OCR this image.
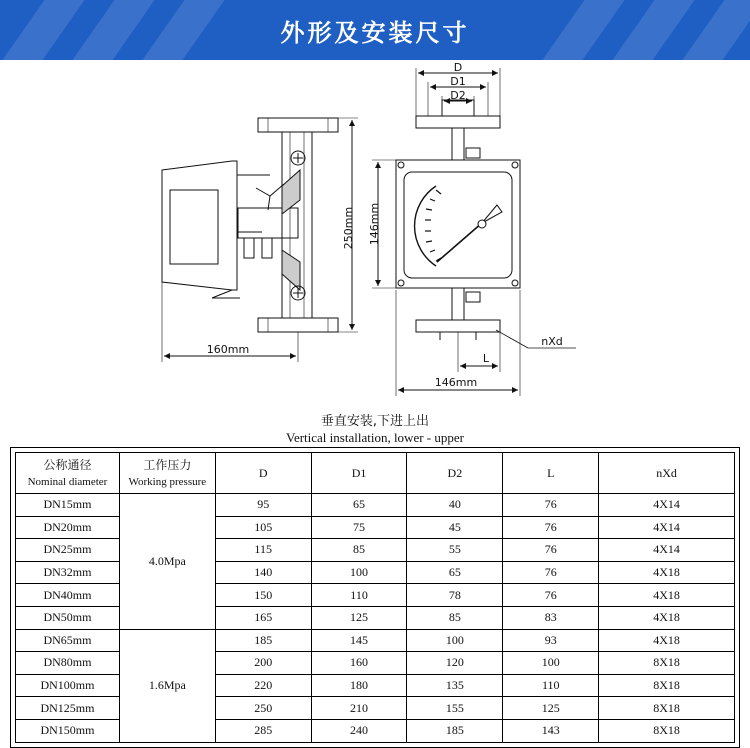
外形及安装尺寸
250mm
160mm
D
D1
D2
146mm
L
nXd
146mm
垂直安装,下进上出
Vertical installation, lower - upper
公称通径
Nominal diameter	工作压力
Working pressure	D	D1	D2	L	nXd
DN15mm	4.0Mpa	95	65	40	76	4X14
DN20mm		105	75	45	76	4X14
DN25mm		115	85	55	76	4X14
DN32mm		140	100	65	76	4X18
DN40mm		150	110	78	76	4X18
DN50mm		165	125	85	83	4X18
DN65mm	1.6Mpa	185	145	100	93	4X18
DN80mm		200	160	120	100	8X18
DN100mm		220	180	135	110	8X18
DN125mm		250	210	155	125	8X18
DN150mm		285	240	185	143	8X18
